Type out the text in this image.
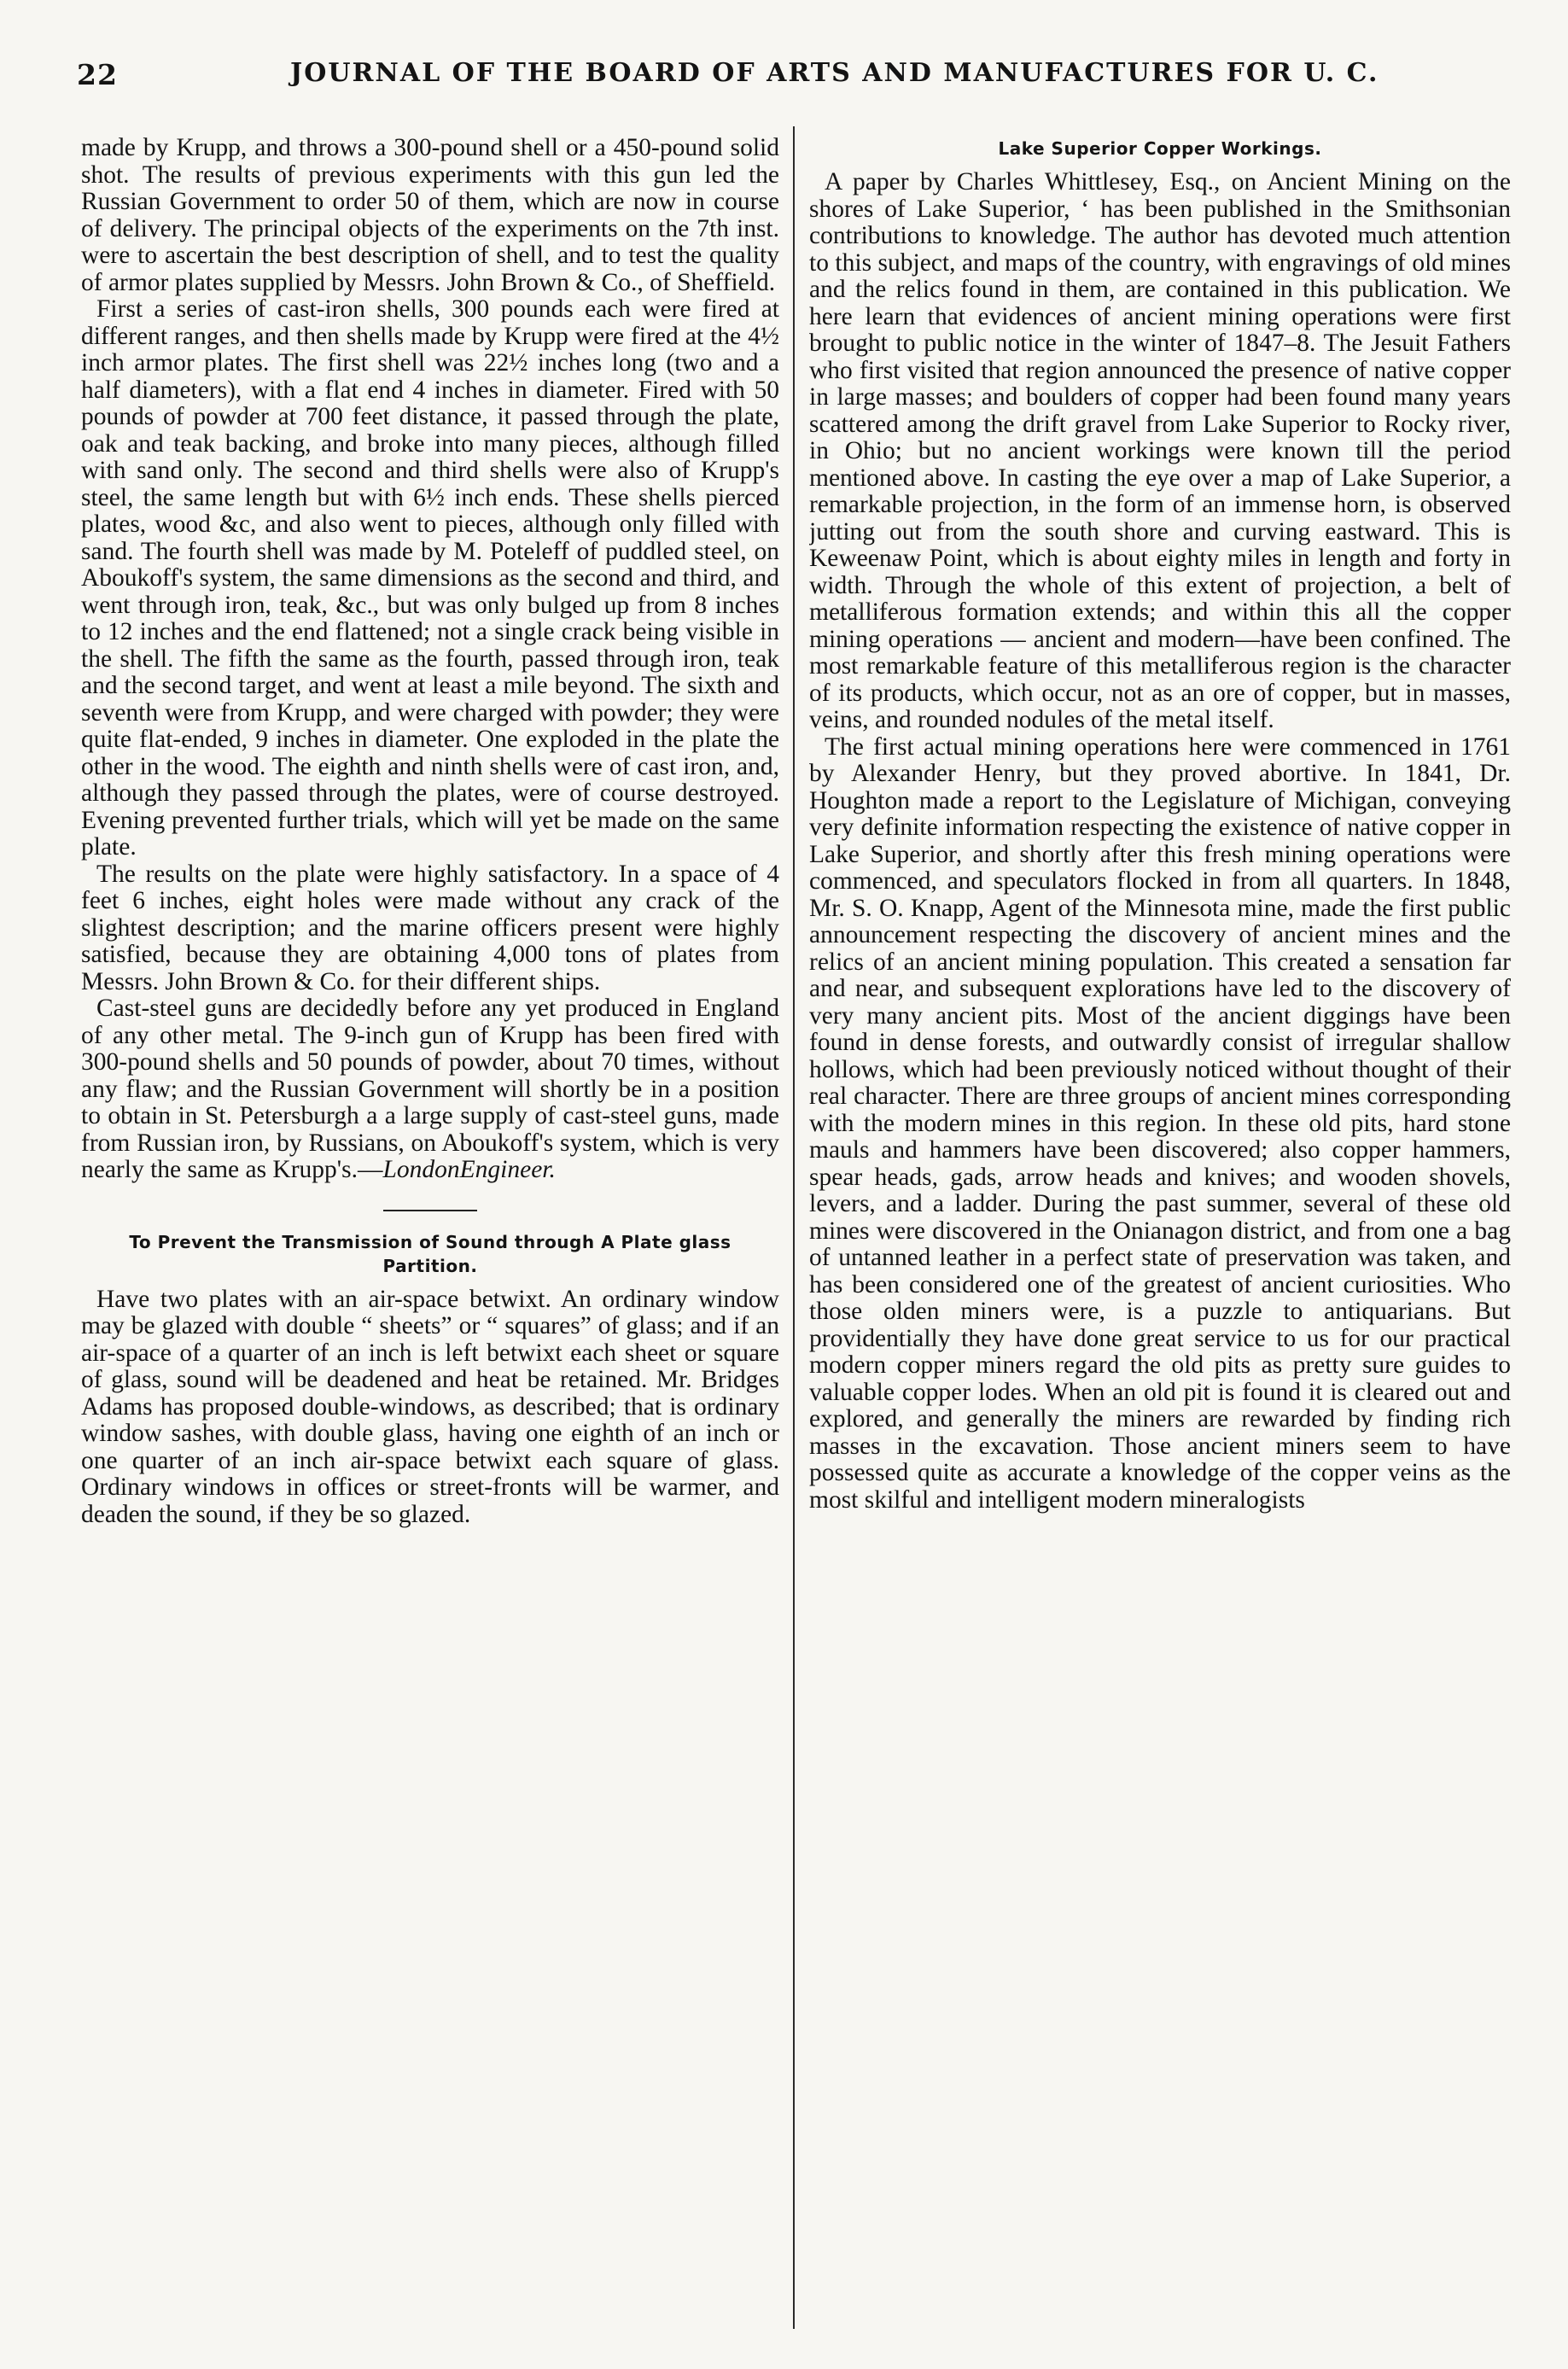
22	JOURNAL OF THE BOARD OF ARTS AND MANUFACTURES FOR U. C.

made by Krupp, and throws a 300-pound shell or a 450-pound solid shot. The results of previous experiments with this gun led the Russian Government to order 50 of them, which are now in course of delivery. The principal objects of the experiments on the 7th inst. were to ascertain the best description of shell, and to test the quality of armor plates supplied by Messrs. John Brown & Co., of Sheffield.

First a series of cast-iron shells, 300 pounds each were fired at different ranges, and then shells made by Krupp were fired at the 4½ inch armor plates. The first shell was 22½ inches long (two and a half diameters), with a flat end 4 inches in diameter. Fired with 50 pounds of powder at 700 feet distance, it passed through the plate, oak and teak backing, and broke into many pieces, although filled with sand only. The second and third shells were also of Krupp's steel, the same length but with 6½ inch ends. These shells pierced plates, wood &c, and also went to pieces, although only filled with sand. The fourth shell was made by M. Poteleff of puddled steel, on Aboukoff's system, the same dimensions as the second and third, and went through iron, teak, &c., but was only bulged up from 8 inches to 12 inches and the end flattened; not a single crack being visible in the shell. The fifth the same as the fourth, passed through iron, teak and the second target, and went at least a mile beyond. The sixth and seventh were from Krupp, and were charged with powder; they were quite flat-ended, 9 inches in diameter. One exploded in the plate the other in the wood. The eighth and ninth shells were of cast iron, and, although they passed through the plates, were of course destroyed. Evening prevented further trials, which will yet be made on the same plate.

The results on the plate were highly satisfactory. In a space of 4 feet 6 inches, eight holes were made without any crack of the slightest description; and the marine officers present were highly satisfied, because they are obtaining 4,000 tons of plates from Messrs. John Brown & Co. for their different ships.

Cast-steel guns are decidedly before any yet produced in England of any other metal. The 9-inch gun of Krupp has been fired with 300-pound shells and 50 pounds of powder, about 70 times, without any flaw; and the Russian Government will shortly be in a position to obtain in St. Petersburgh a a large supply of cast-steel guns, made from Russian iron, by Russians, on Aboukoff's system, which is very nearly the same as Krupp's.—LondonEngineer.

To Prevent the Transmission of Sound through A Plate glass Partition.

Have two plates with an air-space betwixt. An ordinary window may be glazed with double “ sheets” or “ squares” of glass; and if an air-space of a quarter of an inch is left betwixt each sheet or square of glass, sound will be deadened and heat be retained. Mr. Bridges Adams has proposed double-windows, as described; that is ordinary window sashes, with double glass, having one eighth of an inch or one quarter of an inch air-space betwixt each square of glass. Ordinary windows in offices or street-fronts will be warmer, and deaden the sound, if they be so glazed.

Lake Superior Copper Workings.

A paper by Charles Whittlesey, Esq., on Ancient Mining on the shores of Lake Superior, ‘ has been published in the Smithsonian contributions to knowledge. The author has devoted much attention to this subject, and maps of the country, with engravings of old mines and the relics found in them, are contained in this publication. We here learn that evidences of ancient mining operations were first brought to public notice in the winter of 1847–8. The Jesuit Fathers who first visited that region announced the presence of native copper in large masses; and boulders of copper had been found many years scattered among the drift gravel from Lake Superior to Rocky river, in Ohio; but no ancient workings were known till the period mentioned above. In casting the eye over a map of Lake Superior, a remarkable projection, in the form of an immense horn, is observed jutting out from the south shore and curving eastward. This is Keweenaw Point, which is about eighty miles in length and forty in width. Through the whole of this extent of projection, a belt of metalliferous formation extends; and within this all the copper mining operations — ancient and modern—have been confined. The most remarkable feature of this metalliferous region is the character of its products, which occur, not as an ore of copper, but in masses, veins, and rounded nodules of the metal itself.

The first actual mining operations here were commenced in 1761 by Alexander Henry, but they proved abortive. In 1841, Dr. Houghton made a report to the Legislature of Michigan, conveying very definite information respecting the existence of native copper in Lake Superior, and shortly after this fresh mining operations were commenced, and speculators flocked in from all quarters. In 1848, Mr. S. O. Knapp, Agent of the Minnesota mine, made the first public announcement respecting the discovery of ancient mines and the relics of an ancient mining population. This created a sensation far and near, and subsequent explorations have led to the discovery of very many ancient pits. Most of the ancient diggings have been found in dense forests, and outwardly consist of irregular shallow hollows, which had been previously noticed without thought of their real character. There are three groups of ancient mines corresponding with the modern mines in this region. In these old pits, hard stone mauls and hammers have been discovered; also copper hammers, spear heads, gads, arrow heads and knives; and wooden shovels, levers, and a ladder. During the past summer, several of these old mines were discovered in the Onianagon district, and from one a bag of untanned leather in a perfect state of preservation was taken, and has been considered one of the greatest of ancient curiosities. Who those olden miners were, is a puzzle to antiquarians. But providentially they have done great service to us for our practical modern copper miners regard the old pits as pretty sure guides to valuable copper lodes. When an old pit is found it is cleared out and explored, and generally the miners are rewarded by finding rich masses in the excavation. Those ancient miners seem to have possessed quite as accurate a knowledge of the copper veins as the most skilful and intelligent modern mineralogists
